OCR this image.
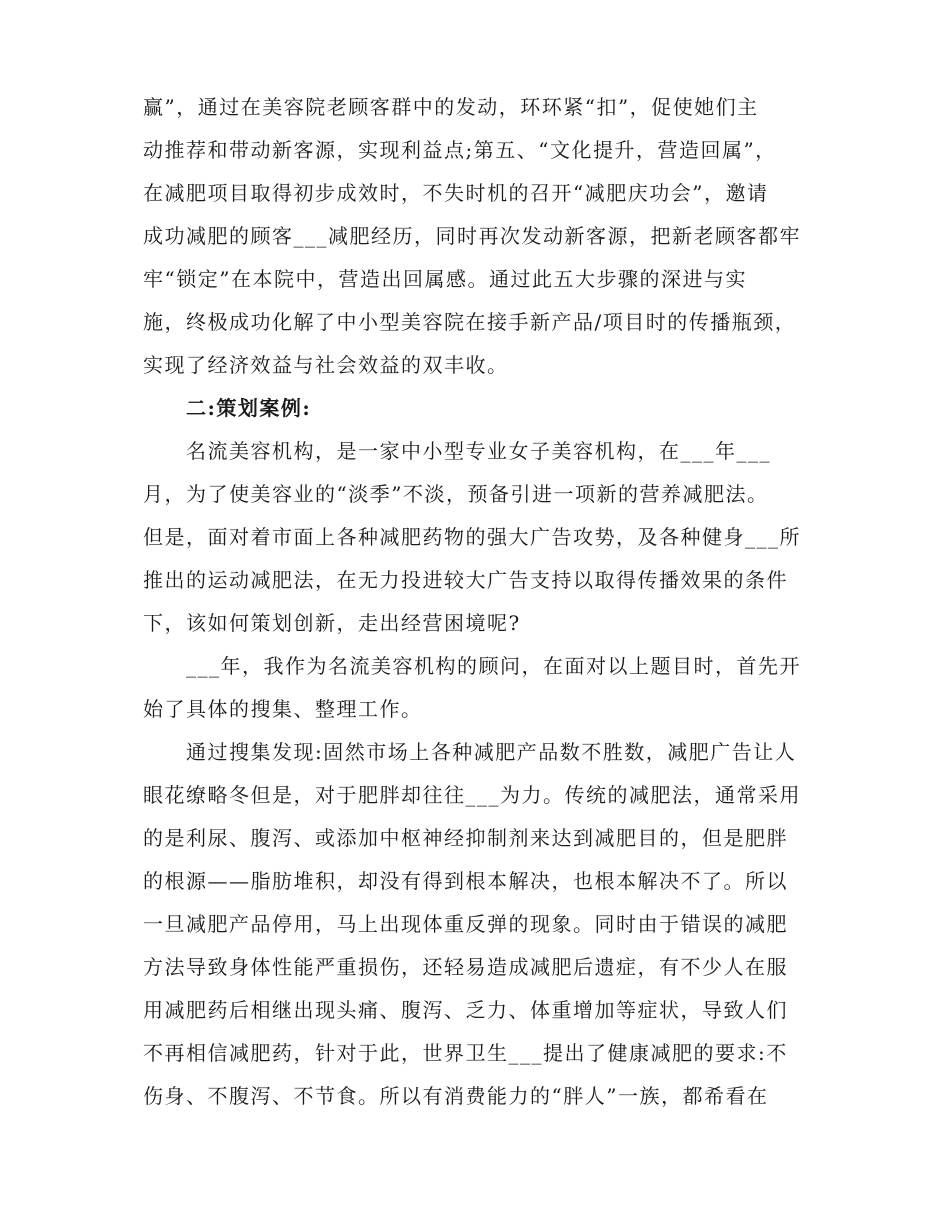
赢”，通过在美容院老顾客群中的发动，环环紧“扣”，促使她们主
动推荐和带动新客源，实现利益点;第五、“文化提升，营造回属”，
在减肥项目取得初步成效时，不失时机的召开“减肥庆功会”，邀请
成功减肥的顾客___减肥经历，同时再次发动新客源，把新老顾客都牢
牢“锁定”在本院中，营造出回属感。通过此五大步骤的深进与实
施，终极成功化解了中小型美容院在接手新产品/项目时的传播瓶颈，
实现了经济效益与社会效益的双丰收。
二:策划案例:
名流美容机构，是一家中小型专业女子美容机构，在___年___
月，为了使美容业的“淡季”不淡，预备引进一项新的营养减肥法。
但是，面对着市面上各种减肥药物的强大广告攻势，及各种健身___所
推出的运动减肥法，在无力投进较大广告支持以取得传播效果的条件
下，该如何策划创新，走出经营困境呢?
___年，我作为名流美容机构的顾问，在面对以上题目时，首先开
始了具体的搜集、整理工作。
通过搜集发现:固然市场上各种减肥产品数不胜数，减肥广告让人
眼花缭略冬但是，对于肥胖却往往___为力。传统的减肥法，通常采用
的是利尿、腹泻、或添加中枢神经抑制剂来达到减肥目的，但是肥胖
的根源——脂肪堆积，却没有得到根本解决，也根本解决不了。所以
一旦减肥产品停用，马上出现体重反弹的现象。同时由于错误的减肥
方法导致身体性能严重损伤，还轻易造成减肥后遗症，有不少人在服
用减肥药后相继出现头痛、腹泻、乏力、体重增加等症状，导致人们
不再相信减肥药，针对于此，世界卫生___提出了健康减肥的要求:不
伤身、不腹泻、不节食。所以有消费能力的“胖人”一族，都希看在
